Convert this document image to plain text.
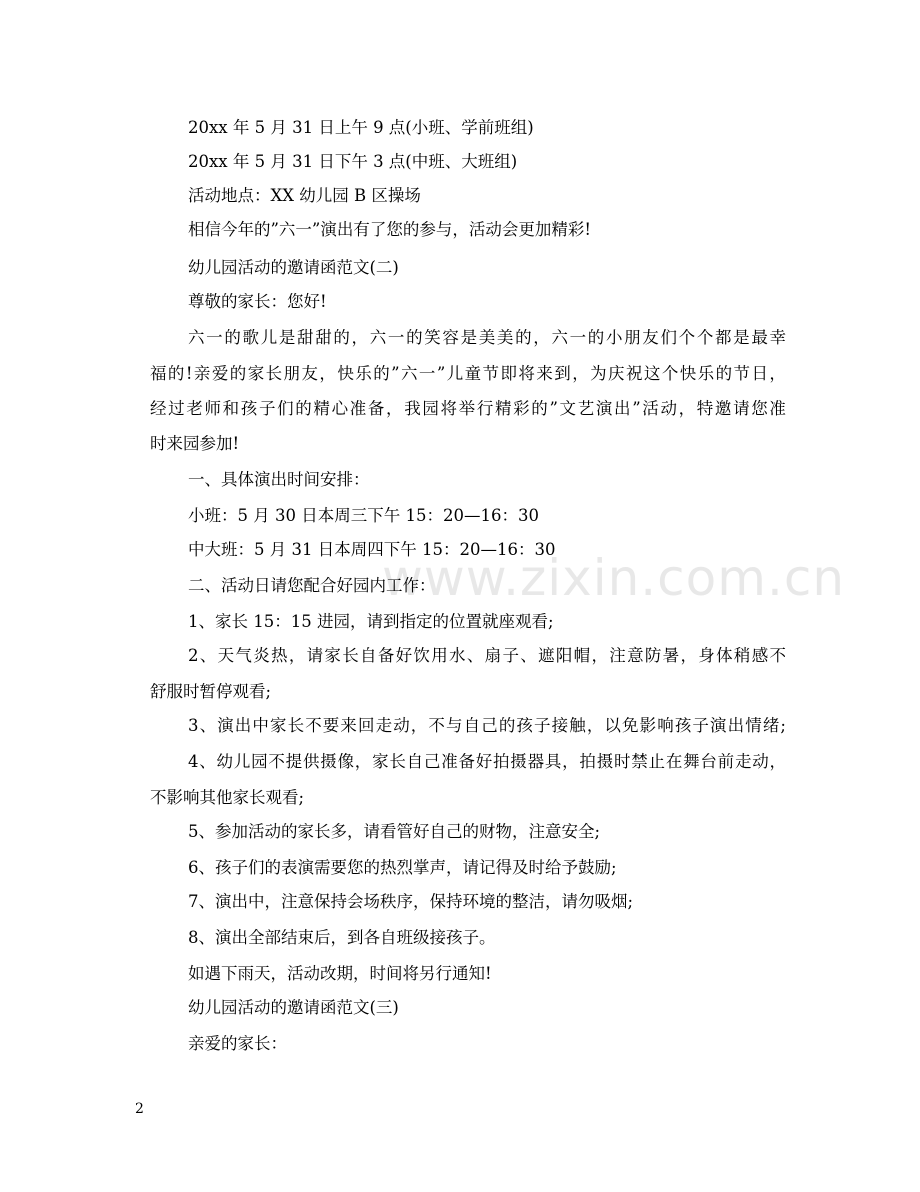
www.zixin.com.cn
20xx 年 5 月 31 日上午 9 点(小班、学前班组)
20xx 年 5 月 31 日下午 3 点(中班、大班组)
活动地点：XX 幼儿园 B 区操场
相信今年的”六一”演出有了您的参与，活动会更加精彩!
幼儿园活动的邀请函范文(二)
尊敬的家长：您好!
六一的歌儿是甜甜的，六一的笑容是美美的，六一的小朋友们个个都是最幸
福的!亲爱的家长朋友，快乐的”六一”儿童节即将来到，为庆祝这个快乐的节日，
经过老师和孩子们的精心准备，我园将举行精彩的”文艺演出”活动，特邀请您准
时来园参加!
一、具体演出时间安排：
小班：5 月 30 日本周三下午 15：20—16：30
中大班：5 月 31 日本周四下午 15：20—16：30
二、活动日请您配合好园内工作：
1、家长 15：15 进园，请到指定的位置就座观看;
2、天气炎热，请家长自备好饮用水、扇子、遮阳帽，注意防暑，身体稍感不
舒服时暂停观看;
3、演出中家长不要来回走动，不与自己的孩子接触，以免影响孩子演出情绪;
4、幼儿园不提供摄像，家长自己准备好拍摄器具，拍摄时禁止在舞台前走动，
不影响其他家长观看;
5、参加活动的家长多，请看管好自己的财物，注意安全;
6、孩子们的表演需要您的热烈掌声，请记得及时给予鼓励;
7、演出中，注意保持会场秩序，保持环境的整洁，请勿吸烟;
8、演出全部结束后，到各自班级接孩子。
如遇下雨天，活动改期，时间将另行通知!
幼儿园活动的邀请函范文(三)
亲爱的家长：
2
